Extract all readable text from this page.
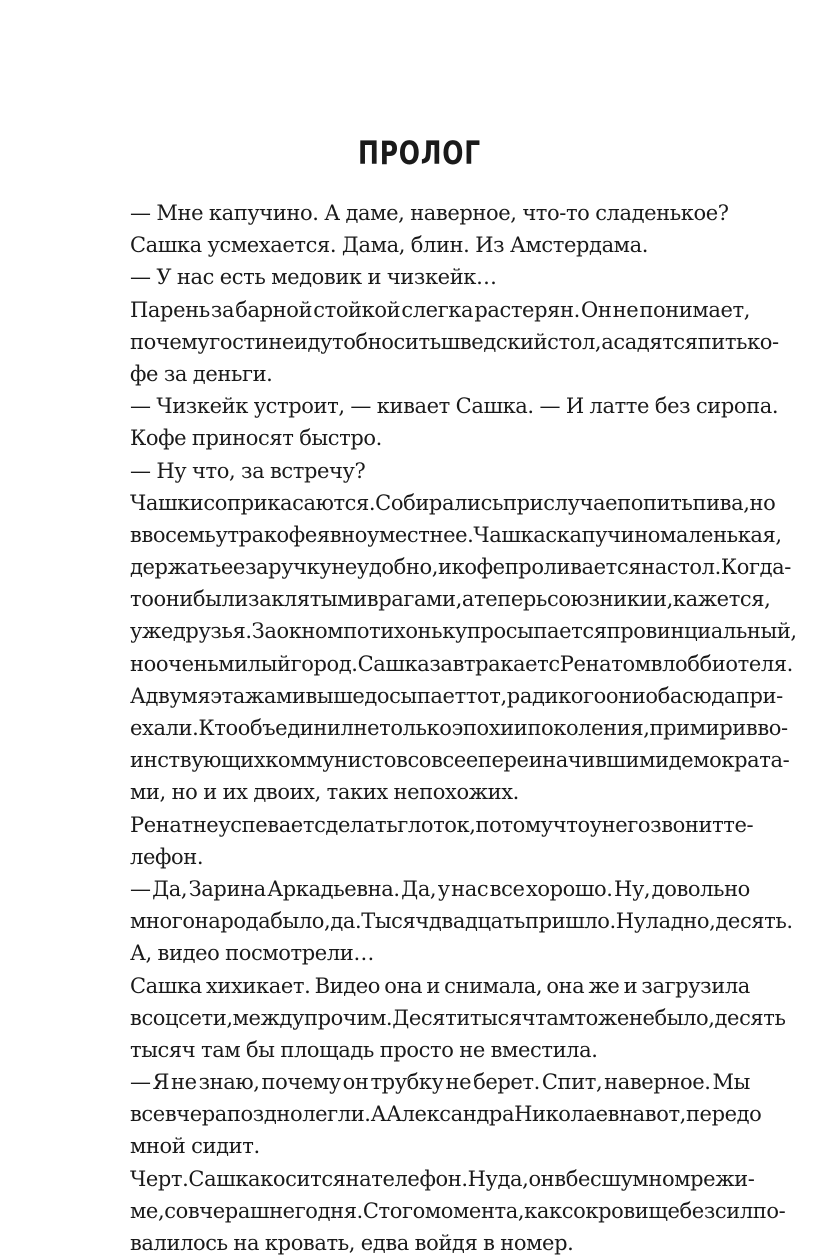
ПРОЛОГ
— Мне капучино. А даме, наверное, что-то сладенькое?
Сашка усмехается. Дама, блин. Из Амстердама.
— У нас есть медовик и чизкейк…
Парень за барной стойкой слегка растерян. Он не понимает,
почему гости не идут обносить шведский стол, а садятся пить ко-
фе за деньги.
— Чизкейк устроит, — кивает Сашка. — И латте без сиропа.
Кофе приносят быстро.
— Ну что, за встречу?
Чашки соприкасаются. Собирались при случае попить пива, но
в восемь утра кофе явно уместнее. Чашка с капучино маленькая,
держать ее за ручку неудобно, и кофе проливается на стол. Когда-
то они были заклятыми врагами, а теперь союзники и, кажется,
уже друзья. За окном потихоньку просыпается провинциальный,
но очень милый город. Сашка завтракает с Ренатом в лобби отеля.
А двумя этажами выше досыпает тот, ради кого они оба сюда при-
ехали. Кто объединил не только эпохи и поколения, примирив во-
инствующих коммунистов со всее переиначившими демократа-
ми, но и их двоих, таких непохожих.
Ренат не успевает сделать глоток, потому что у него звонит те-
лефон.
— Да, Зарина Аркадьевна. Да, у нас все хорошо. Ну, довольно
много народа было, да. Тысяч двадцать пришло. Ну ладно, десять.
А, видео посмотрели…
Сашка хихикает. Видео она и снимала, она же и загрузила
в соцсети, между прочим. Десяти тысяч там тоже не было, десять
тысяч там бы площадь просто не вместила.
— Я не знаю, почему он трубку не берет. Спит, наверное. Мы
все вчера поздно легли. А Александра Николаевна вот, передо
мной сидит.
Черт. Сашка косится на телефон. Ну да, он в бесшумном режи-
ме, со вчерашнего дня. С того момента, как сокровище без сил по-
валилось на кровать, едва войдя в номер.
